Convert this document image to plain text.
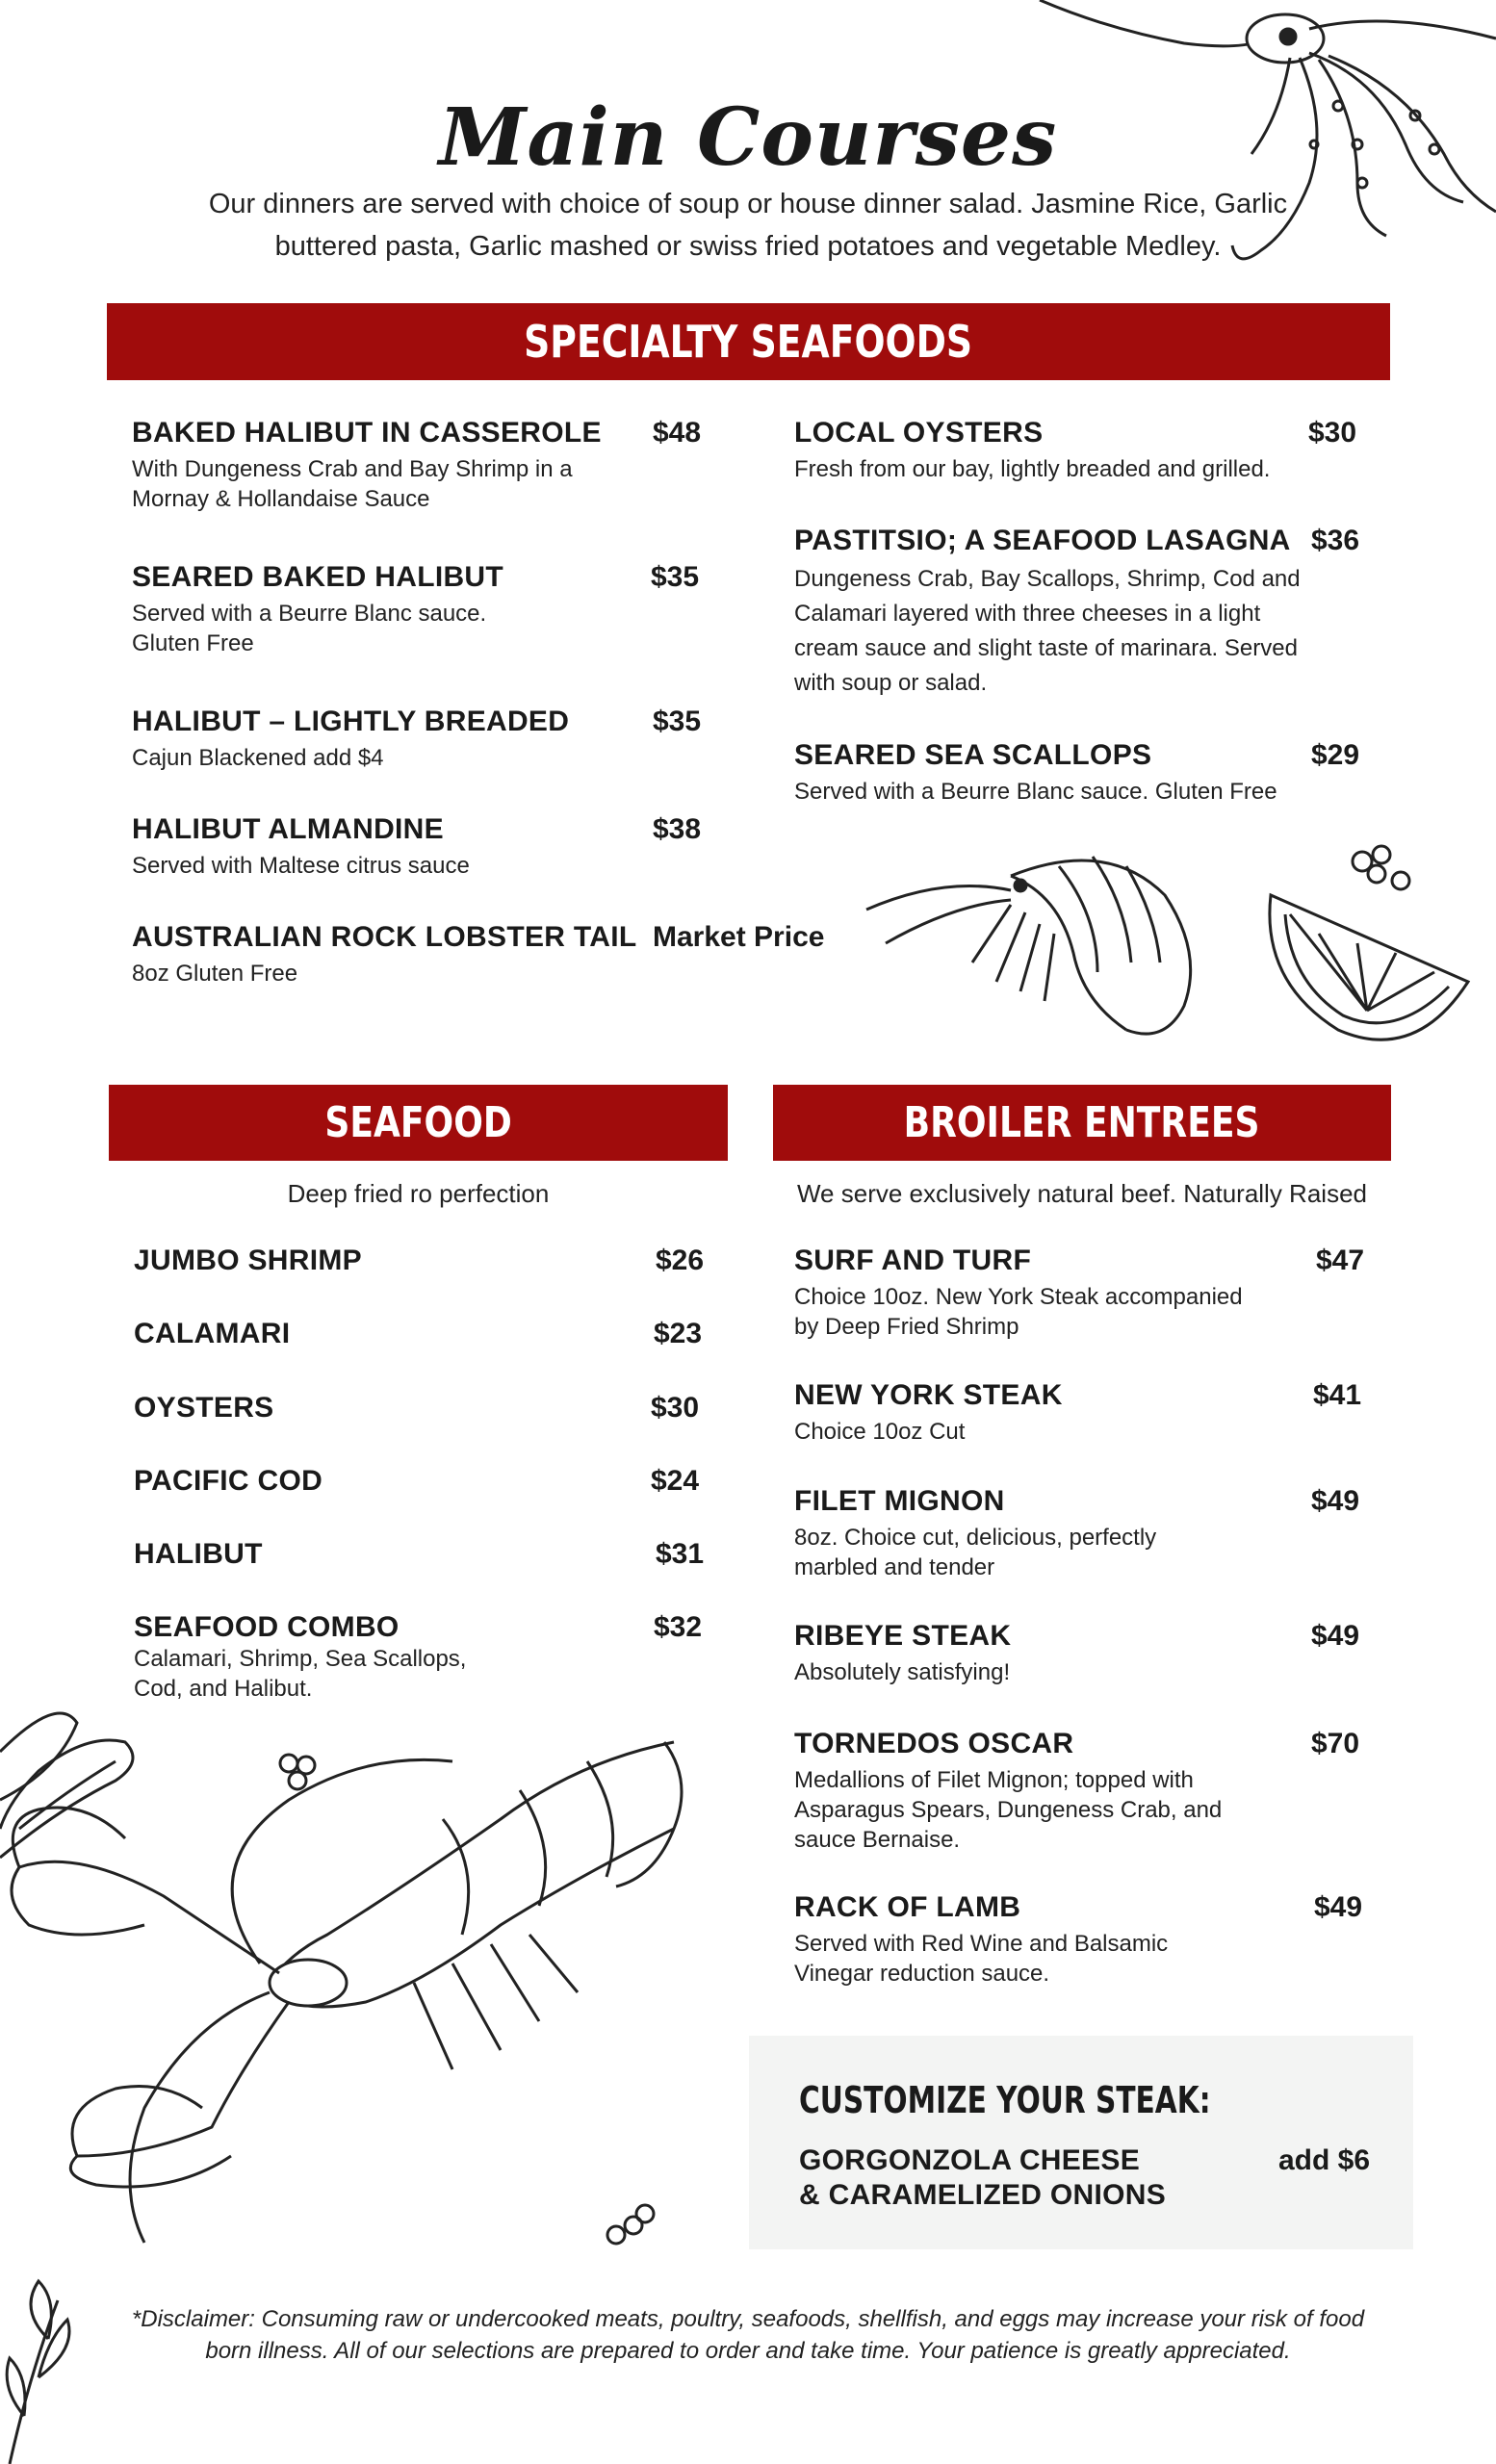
Main Courses
Our dinners are served with choice of soup or house dinner salad. Jasmine Rice, Garlic buttered pasta, Garlic mashed or swiss fried potatoes and vegetable Medley.
SPECIALTY SEAFOODS
BAKED HALIBUT IN CASSEROLE $48
With Dungeness Crab and Bay Shrimp in a Mornay & Hollandaise Sauce
SEARED BAKED HALIBUT	$35
Served with a Beurre Blanc sauce. Gluten Free
HALIBUT – LIGHTLY BREADED	$35
Cajun Blackened add $4
HALIBUT ALMANDINE	$38
Served with Maltese citrus sauce
AUSTRALIAN ROCK LOBSTER TAIL Market Price
8oz Gluten Free
LOCAL OYSTERS	$30
Fresh from our bay, lightly breaded and grilled.
PASTITSIO; A SEAFOOD LASAGNA $36
Dungeness Crab, Bay Scallops, Shrimp, Cod and Calamari layered with three cheeses in a light cream sauce and slight taste of marinara. Served with soup or salad.
SEARED SEA SCALLOPS	$29
Served with a Beurre Blanc sauce. Gluten Free
SEAFOOD
Deep fried ro perfection
JUMBO SHRIMP	$26
CALAMARI	$23
OYSTERS	$30
PACIFIC COD	$24
HALIBUT	$31
SEAFOOD COMBO	$32
Calamari, Shrimp, Sea Scallops, Cod, and Halibut.
BROILER ENTREES
We serve exclusively natural beef. Naturally Raised
SURF AND TURF	$47
Choice 10oz. New York Steak accompanied by Deep Fried Shrimp
NEW YORK STEAK	$41
Choice 10oz Cut
FILET MIGNON	$49
8oz. Choice cut, delicious, perfectly marbled and tender
RIBEYE STEAK	$49
Absolutely satisfying!
TORNEDOS OSCAR	$70
Medallions of Filet Mignon; topped with Asparagus Spears, Dungeness Crab, and sauce Bernaise.
RACK OF LAMB	$49
Served with Red Wine and Balsamic Vinegar reduction sauce.
CUSTOMIZE YOUR STEAK:
GORGONZOLA CHEESE
& CARAMELIZED ONIONS
add $6
*Disclaimer: Consuming raw or undercooked meats, poultry, seafoods, shellfish, and eggs may increase your risk of food born illness. All of our selections are prepared to order and take time. Your patience is greatly appreciated.
